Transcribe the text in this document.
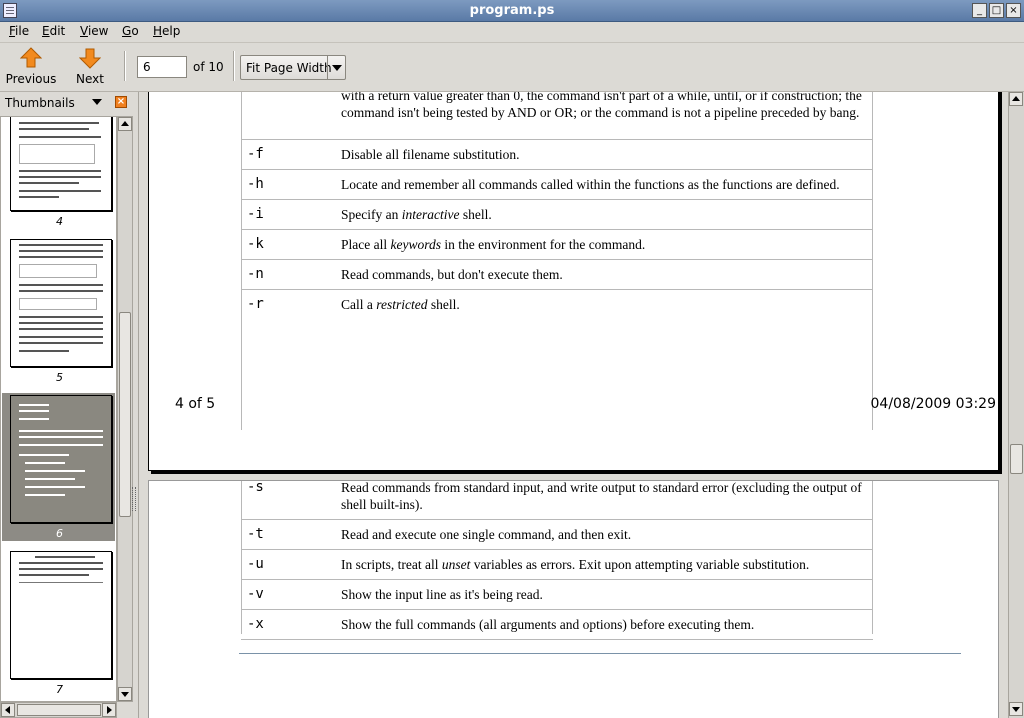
program.ps	_ □ ×
File Edit View Go Help
Previous	Next
6
of 10 Fit Page Width
Thumbnails	×
4
5
6
7
	with a return value greater than 0, the command isn't part of a while, until, or if construction; the command isn't being tested by AND or OR; or the command is not a pipeline preceded by bang.
-f	Disable all filename substitution.
-h	Locate and remember all commands called within the functions as the functions are defined.
-i	Specify an interactive shell.
-k	Place all keywords in the environment for the command.
-n	Read commands, but don't execute them.
-r	Call a restricted shell.
4 of 5	04/08/2009 03:29
-s	Read commands from standard input, and write output to standard error (excluding the output of shell built-ins).
-t	Read and execute one single command, and then exit.
-u	In scripts, treat all unset variables as errors. Exit upon attempting variable substitution.
-v	Show the input line as it's being read.
-x	Show the full commands (all arguments and options) before executing them.
